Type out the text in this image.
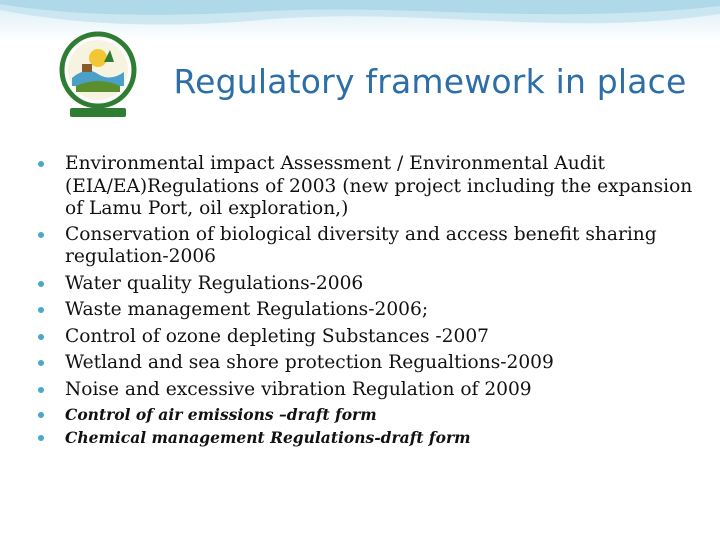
Regulatory framework in place
Environmental impact Assessment / Environmental Audit (EIA/EA)Regulations of 2003 (new project including the expansion of Lamu Port, oil exploration,)
Conservation of biological diversity and access benefit sharing regulation-2006
Water quality Regulations-2006
Waste management Regulations-2006;
Control of ozone depleting Substances -2007
Wetland and sea shore protection Regualtions-2009
Noise and excessive vibration Regulation of 2009
Control of air emissions –draft form
Chemical management Regulations-draft form
